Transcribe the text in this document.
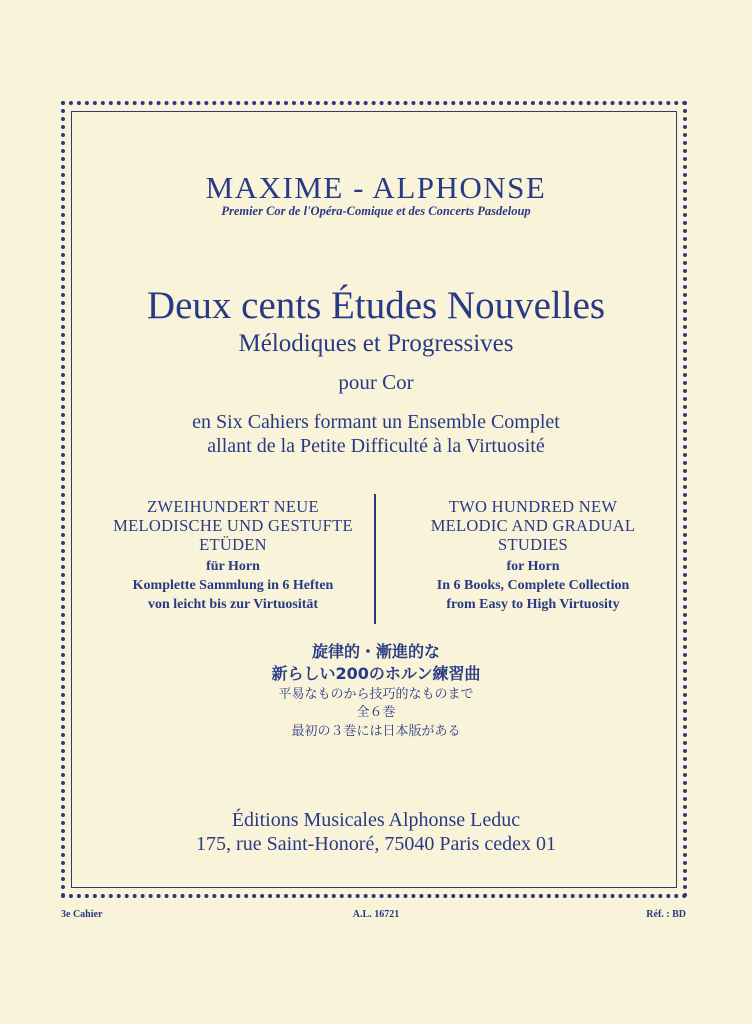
MAXIME - ALPHONSE
Premier Cor de l'Opéra-Comique et des Concerts Pasdeloup
Deux cents Études Nouvelles
Mélodiques et Progressives
pour Cor
en Six Cahiers formant un Ensemble Complet
allant de la Petite Difficulté à la Virtuosité
ZWEIHUNDERT NEUE
MELODISCHE UND GESTUFTE
ETÜDEN
für Horn
Komplette Sammlung in 6 Heften
von leicht bis zur Virtuosität
TWO HUNDRED NEW
MELODIC AND GRADUAL
STUDIES
for Horn
In 6 Books, Complete Collection
from Easy to High Virtuosity
旋律的・漸進的な
新らしい200のホルン練習曲
平易なものから技巧的なものまで
全６巻
最初の３巻には日本版がある
Éditions Musicales Alphonse Leduc
175, rue Saint-Honoré, 75040 Paris cedex 01
3e Cahier	A.L. 16721	Réf. : BD
